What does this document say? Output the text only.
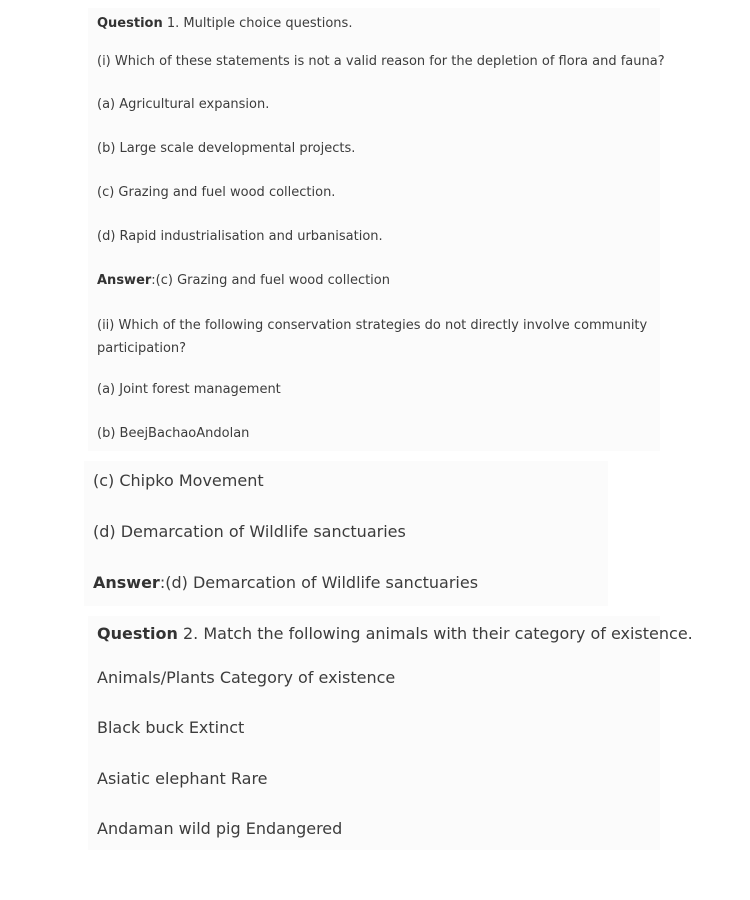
Question 1. Multiple choice questions.

(i) Which of these statements is not a valid reason for the depletion of flora and fauna?

(a) Agricultural expansion.

(b) Large scale developmental projects.

(c) Grazing and fuel wood collection.

(d) Rapid industrialisation and urbanisation.

Answer:(c) Grazing and fuel wood collection

(ii) Which of the following conservation strategies do not directly involve community participation?

(a) Joint forest management

(b) BeejBachaoAndolan

(c) Chipko Movement

(d) Demarcation of Wildlife sanctuaries

Answer:(d) Demarcation of Wildlife sanctuaries

Question 2. Match the following animals with their category of existence.

Animals/Plants Category of existence

Black buck Extinct

Asiatic elephant Rare

Andaman wild pig Endangered
